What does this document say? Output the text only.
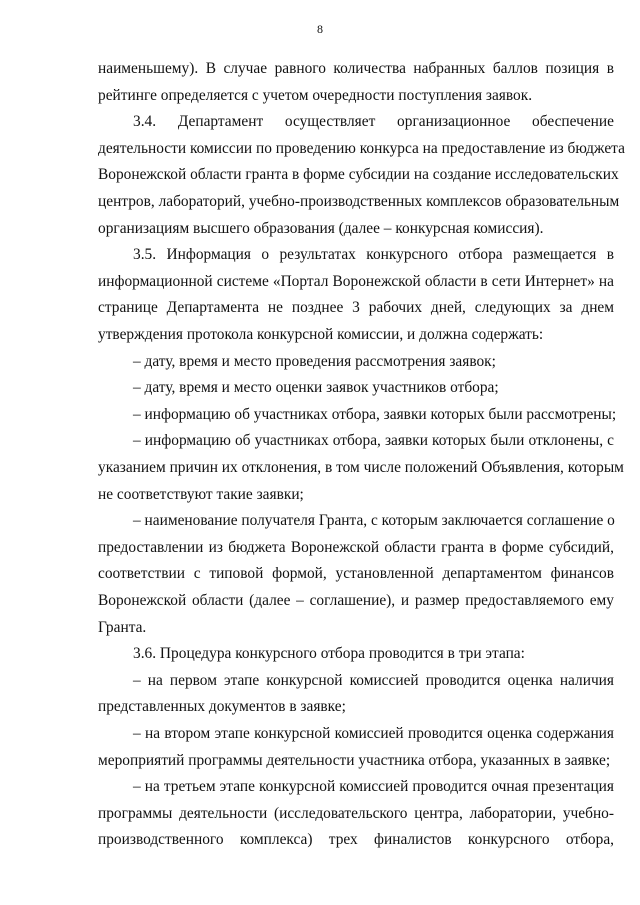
8
наименьшему). В случае равного количества набранных баллов позиция в
рейтинге определяется с учетом очередности поступления заявок.
3.4. Департамент осуществляет организационное обеспечение
деятельности комиссии по проведению конкурса на предоставление из бюджета
Воронежской области гранта в форме субсидии на создание исследовательских
центров, лабораторий, учебно-производственных комплексов образовательным
организациям высшего образования (далее – конкурсная комиссия).
3.5. Информация о результатах конкурсного отбора размещается в
информационной системе «Портал Воронежской области в сети Интернет» на
странице Департамента не позднее 3 рабочих дней, следующих за днем
утверждения протокола конкурсной комиссии, и должна содержать:
– дату, время и место проведения рассмотрения заявок;
– дату, время и место оценки заявок участников отбора;
– информацию об участниках отбора, заявки которых были рассмотрены;
– информацию об участниках отбора, заявки которых были отклонены, с
указанием причин их отклонения, в том числе положений Объявления, которым
не соответствуют такие заявки;
– наименование получателя Гранта, с которым заключается соглашение о
предоставлении из бюджета Воронежской области гранта в форме субсидий,
соответствии с типовой формой, установленной департаментом финансов
Воронежской области (далее – соглашение), и размер предоставляемого ему
Гранта.
3.6. Процедура конкурсного отбора проводится в три этапа:
– на первом этапе конкурсной комиссией проводится оценка наличия
представленных документов в заявке;
– на втором этапе конкурсной комиссией проводится оценка содержания
мероприятий программы деятельности участника отбора, указанных в заявке;
– на третьем этапе конкурсной комиссией проводится очная презентация
программы деятельности (исследовательского центра, лаборатории, учебно-
производственного комплекса) трех финалистов конкурсного отбора,
